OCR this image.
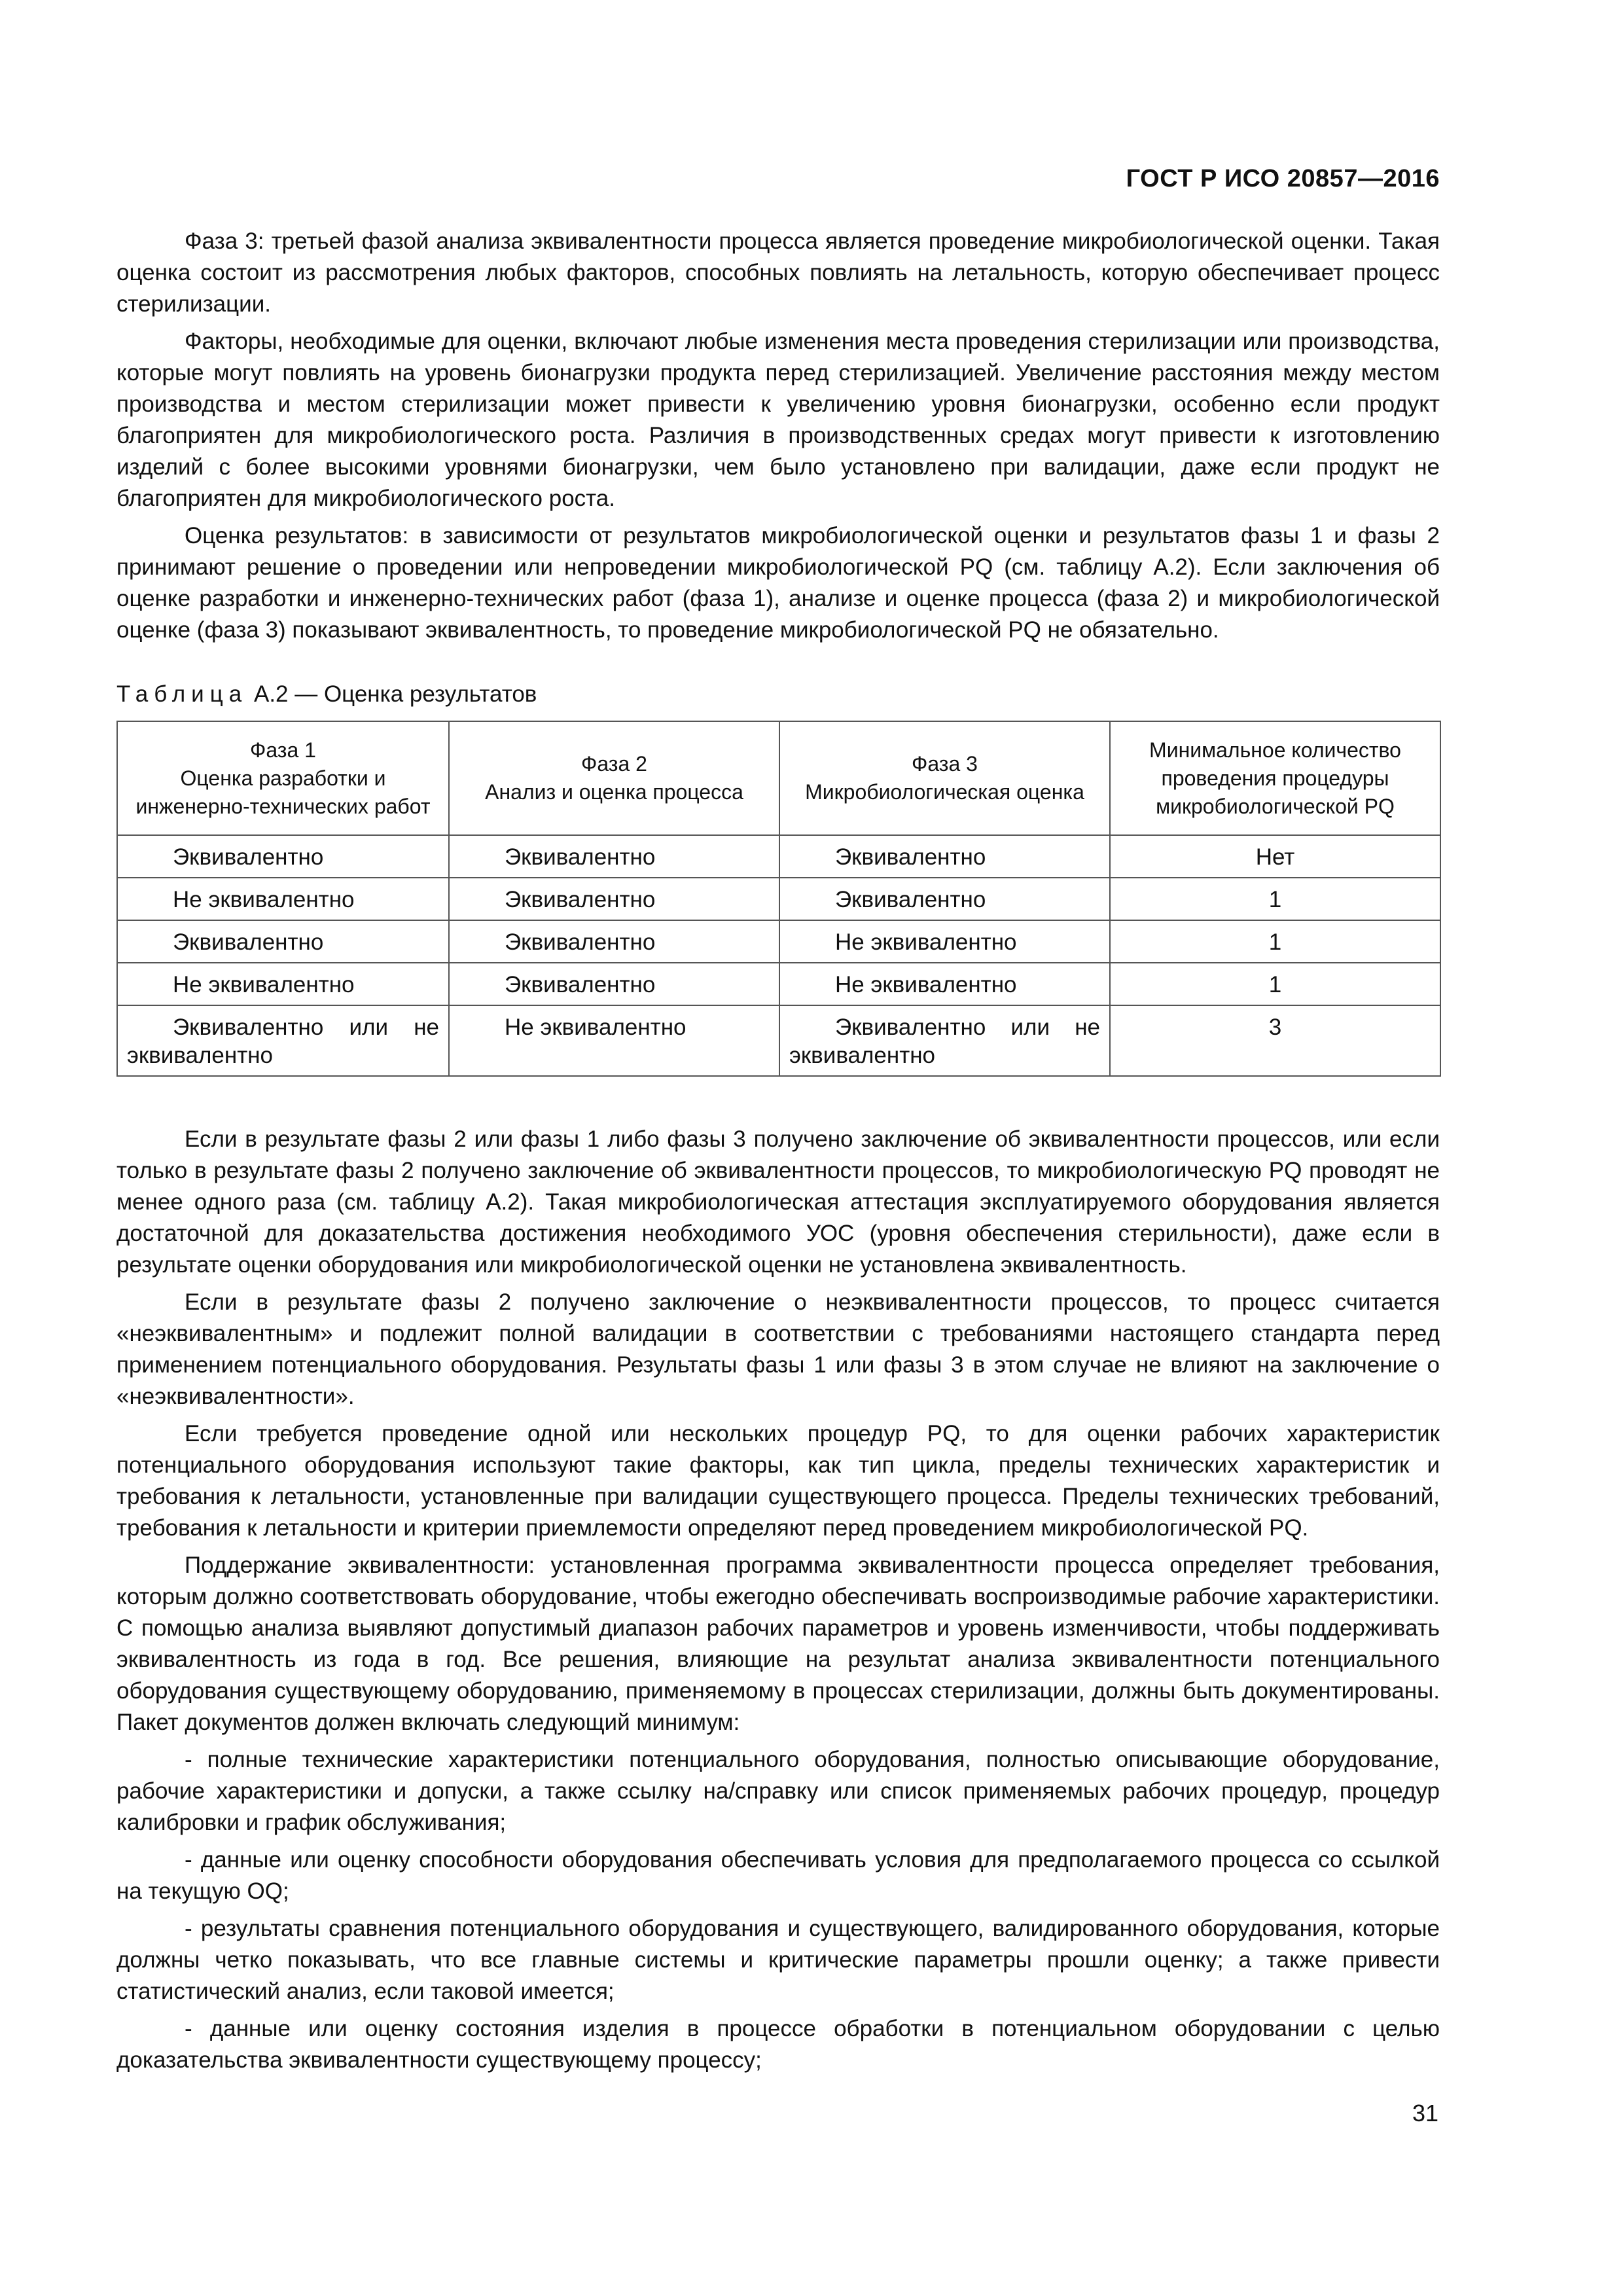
ГОСТ Р ИСО 20857—2016

Фаза 3: третьей фазой анализа эквивалентности процесса является проведение микробиологической оценки. Такая оценка состоит из рассмотрения любых факторов, способных повлиять на летальность, которую обеспечивает процесс стерилизации.

Факторы, необходимые для оценки, включают любые изменения места проведения стерилизации или производства, которые могут повлиять на уровень бионагрузки продукта перед стерилизацией. Увеличение расстояния между местом производства и местом стерилизации может привести к увеличению уровня бионагрузки, особенно если продукт благоприятен для микробиологического роста. Различия в производственных средах могут привести к изготовлению изделий с более высокими уровнями бионагрузки, чем было установлено при валидации, даже если продукт не благоприятен для микробиологического роста.

Оценка результатов: в зависимости от результатов микробиологической оценки и результатов фазы 1 и фазы 2 принимают решение о проведении или непроведении микробиологической PQ (см. таблицу А.2). Если заключения об оценке разработки и инженерно-технических работ (фаза 1), анализе и оценке процесса (фаза 2) и микробиологической оценке (фаза 3) показывают эквивалентность, то проведение микробиологической PQ не обязательно.

Таблица А.2 — Оценка результатов
Фаза 1
Оценка разработки и
инженерно-технических работ	Фаза 2
Анализ и оценка процесса	Фаза 3
Микробиологическая оценка	Минимальное количество
проведения процедуры
микробиологической PQ

Эквивалентно	Эквивалентно	Эквивалентно	Нет

Не эквивалентно	Эквивалентно	Эквивалентно	1

Эквивалентно	Эквивалентно	Не эквивалентно	1

Не эквивалентно	Эквивалентно	Не эквивалентно	1

Эквивалентно или не эквивалентно	Не эквивалентно	Эквивалентно или не эквивалентно	3

Если в результате фазы 2 или фазы 1 либо фазы 3 получено заключение об эквивалентности процессов, или если только в результате фазы 2 получено заключение об эквивалентности процессов, то микробиологическую PQ проводят не менее одного раза (см. таблицу А.2). Такая микробиологическая аттестация эксплуатируемого оборудования является достаточной для доказательства достижения необходимого УОС (уровня обеспечения стерильности), даже если в результате оценки оборудования или микробиологической оценки не установлена эквивалентность.

Если в результате фазы 2 получено заключение о неэквивалентности процессов, то процесс считается «неэквивалентным» и подлежит полной валидации в соответствии с требованиями настоящего стандарта перед применением потенциального оборудования. Результаты фазы 1 или фазы 3 в этом случае не влияют на заключение о «неэквивалентности».

Если требуется проведение одной или нескольких процедур PQ, то для оценки рабочих характеристик потенциального оборудования используют такие факторы, как тип цикла, пределы технических характеристик и требования к летальности, установленные при валидации существующего процесса. Пределы технических требований, требования к летальности и критерии приемлемости определяют перед проведением микробиологической PQ.

Поддержание эквивалентности: установленная программа эквивалентности процесса определяет требования, которым должно соответствовать оборудование, чтобы ежегодно обеспечивать воспроизводимые рабочие характеристики. С помощью анализа выявляют допустимый диапазон рабочих параметров и уровень изменчивости, чтобы поддерживать эквивалентность из года в год. Все решения, влияющие на результат анализа эквивалентности потенциального оборудования существующему оборудованию, применяемому в процессах стерилизации, должны быть документированы. Пакет документов должен включать следующий минимум:

- полные технические характеристики потенциального оборудования, полностью описывающие оборудование, рабочие характеристики и допуски, а также ссылку на/справку или список применяемых рабочих процедур, процедур калибровки и график обслуживания;

- данные или оценку способности оборудования обеспечивать условия для предполагаемого процесса со ссылкой на текущую OQ;

- результаты сравнения потенциального оборудования и существующего, валидированного оборудования, которые должны четко показывать, что все главные системы и критические параметры прошли оценку; а также привести статистический анализ, если таковой имеется;

- данные или оценку состояния изделия в процессе обработки в потенциальном оборудовании с целью доказательства эквивалентности существующему процессу;

31
